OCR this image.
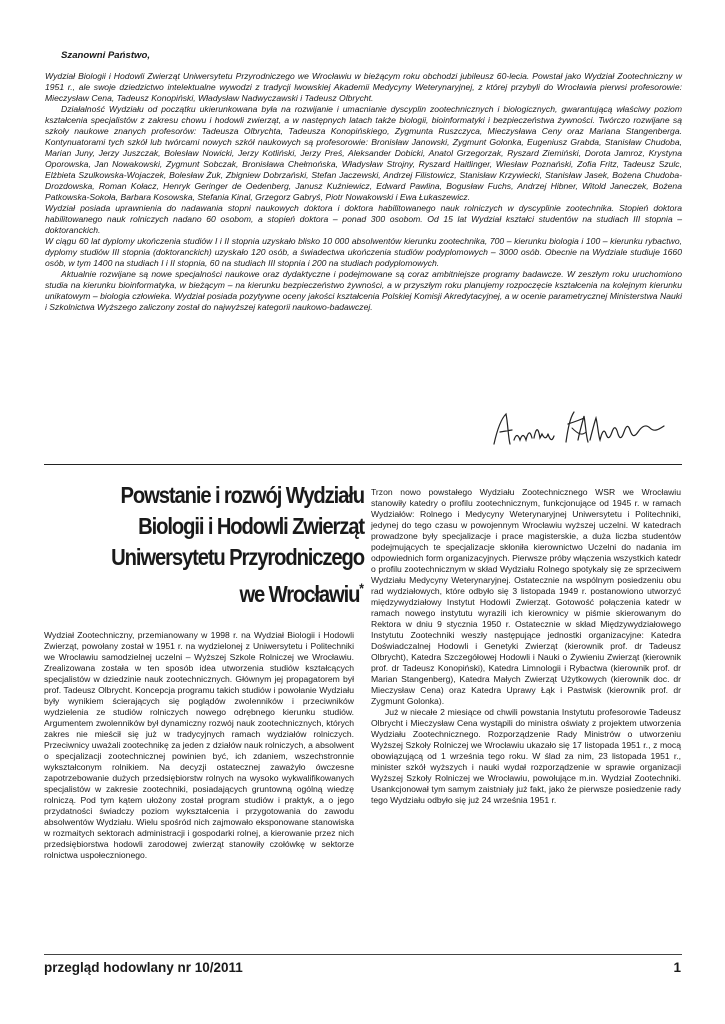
Szanowni Państwo,

Wydział Biologii i Hodowli Zwierząt Uniwersytetu Przyrodniczego we Wrocławiu w bieżącym roku obchodzi jubileusz 60-lecia. Powstał jako Wydział Zootechniczny w 1951 r., ale swoje dziedzictwo intelektualne wywodzi z tradycji lwowskiej Akademii Medycyny Weterynaryjnej, z której przybyli do Wrocławia pierwsi profesorowie: Mieczysław Cena, Tadeusz Konopiński, Władysław Nadwyczawski i Tadeusz Olbrycht.

Działalność Wydziału od początku ukierunkowana była na rozwijanie i umacnianie dyscyplin zootechnicznych i biologicznych, gwarantującą właściwy poziom kształcenia specjalistów z zakresu chowu i hodowli zwierząt, a w następnych latach także biologii, bioinformatyki i bezpieczeństwa żywności. Twórczo rozwijane są szkoły naukowe znanych profesorów: Tadeusza Olbrychta, Tadeusza Konopińskiego, Zygmunta Ruszczyca, Mieczysława Ceny oraz Mariana Stangenberga. Kontynuatorami tych szkół lub twórcami nowych szkół naukowych są profesorowie: Bronisław Janowski, Zygmunt Golonka, Eugeniusz Grabda, Stanisław Chudoba, Marian Juny, Jerzy Juszczak, Bolesław Nowicki, Jerzy Kotliński, Jerzy Preś, Aleksander Dobicki, Anatol Grzegorzak, Ryszard Ziemiński, Dorota Jamroz, Krystyna Oporowska, Jan Nowakowski, Zygmunt Sobczak, Bronisława Chełmońska, Władysław Strojny, Ryszard Haitlinger, Wiesław Poznański, Zofia Fritz, Tadeusz Szulc, Elżbieta Szulkowska-Wojaczek, Bolesław Żuk, Zbigniew Dobrzański, Stefan Jaczewski, Andrzej Filistowicz, Stanisław Krzywiecki, Stanisław Jasek, Bożena Chudoba-Drozdowska, Roman Kołacz, Henryk Geringer de Oedenberg, Janusz Kuźniewicz, Edward Pawlina, Bogusław Fuchs, Andrzej Hibner, Witold Janeczek, Bożena Patkowska-Sokoła, Barbara Kosowska, Stefania Kinal, Grzegorz Gabryś, Piotr Nowakowski i Ewa Łukaszewicz.

Wydział posiada uprawnienia do nadawania stopni naukowych doktora i doktora habilitowanego nauk rolniczych w dyscyplinie zootechnika. Stopień doktora habilitowanego nauk rolniczych nadano 60 osobom, a stopień doktora – ponad 300 osobom. Od 15 lat Wydział kształci studentów na studiach III stopnia – doktoranckich.

W ciągu 60 lat dyplomy ukończenia studiów I i II stopnia uzyskało blisko 10 000 absolwentów kierunku zootechnika, 700 – kierunku biologia i 100 – kierunku rybactwo, dyplomy studiów III stopnia (doktoranckich) uzyskało 120 osób, a świadectwa ukończenia studiów podyplomowych – 3000 osób. Obecnie na Wydziale studiuje 1660 osób, w tym 1400 na studiach I i II stopnia, 60 na studiach III stopnia i 200 na studiach podyplomowych.

Aktualnie rozwijane są nowe specjalności naukowe oraz dydaktyczne i podejmowane są coraz ambitniejsze programy badawcze. W zeszłym roku uruchomiono studia na kierunku bioinformatyka, w bieżącym – na kierunku bezpieczeństwo żywności, a w przyszłym roku planujemy rozpoczęcie kształcenia na kolejnym kierunku unikatowym – biologia człowieka. Wydział posiada pozytywne oceny jakości kształcenia Polskiej Komisji Akredytacyjnej, a w ocenie parametrycznej Ministerstwa Nauki i Szkolnictwa Wyższego zaliczony został do najwyższej kategorii naukowo-badawczej.

Powstanie i rozwój Wydziału
Biologii i Hodowli Zwierząt
Uniwersytetu Przyrodniczego
we Wrocławiu*

Wydział Zootechniczny, przemianowany w 1998 r. na Wydział Biologii i Hodowli Zwierząt, powołany został w 1951 r. na wydzielonej z Uniwersytetu i Politechniki we Wrocławiu samodzielnej uczelni – Wyższej Szkole Rolniczej we Wrocławiu. Zrealizowana została w ten sposób idea utworzenia studiów kształcących specjalistów w dziedzinie nauk zootechnicznych. Głównym jej propagatorem był prof. Tadeusz Olbrycht. Koncepcja programu takich studiów i powołanie Wydziału były wynikiem ścierających się poglądów zwolenników i przeciwników wydzielenia ze studiów rolniczych nowego odrębnego kierunku studiów. Argumentem zwolenników był dynamiczny rozwój nauk zootechnicznych, których zakres nie mieścił się już w tradycyjnych ramach wydziałów rolniczych. Przeciwnicy uważali zootechnikę za jeden z działów nauk rolniczych, a absolwent o specjalizacji zootechnicznej powinien być, ich zdaniem, wszechstronnie wykształconym rolnikiem. Na decyzji ostatecznej zaważyło ówczesne zapotrzebowanie dużych przedsiębiorstw rolnych na wysoko wykwalifikowanych specjalistów w zakresie zootechniki, posiadających gruntowną ogólną wiedzę rolniczą. Pod tym kątem ułożony został program studiów i praktyk, a o jego przydatności świadczy poziom wykształcenia i przygotowania do zawodu absolwentów Wydziału. Wielu spośród nich zajmowało eksponowane stanowiska w rozmaitych sektorach administracji i gospodarki rolnej, a kierowanie przez nich przedsiębiorstwa hodowli zarodowej zwierząt stanowiły czołówkę w sektorze rolnictwa uspołecznionego.

Trzon nowo powstałego Wydziału Zootechnicznego WSR we Wrocławiu stanowiły katedry o profilu zootechnicznym, funkcjonujące od 1945 r. w ramach Wydziałów: Rolnego i Medycyny Weterynaryjnej Uniwersytetu i Politechniki, jedynej do tego czasu w powojennym Wrocławiu wyższej uczelni. W katedrach prowadzone były specjalizacje i prace magisterskie, a duża liczba studentów podejmujących te specjalizacje skłoniła kierownictwo Uczelni do nadania im odpowiednich form organizacyjnych. Pierwsze próby włączenia wszystkich katedr o profilu zootechnicznym w skład Wydziału Rolnego spotykały się ze sprzeciwem Wydziału Medycyny Weterynaryjnej. Ostatecznie na wspólnym posiedzeniu obu rad wydziałowych, które odbyło się 3 listopada 1949 r. postanowiono utworzyć międzywydziałowy Instytut Hodowli Zwierząt. Gotowość połączenia katedr w ramach nowego instytutu wyrazili ich kierownicy w piśmie skierowanym do Rektora w dniu 9 stycznia 1950 r. Ostatecznie w skład Międzywydziałowego Instytutu Zootechniki weszły następujące jednostki organizacyjne: Katedra Doświadczalnej Hodowli i Genetyki Zwierząt (kierownik prof. dr Tadeusz Olbrycht), Katedra Szczegółowej Hodowli i Nauki o Żywieniu Zwierząt (kierownik prof. dr Tadeusz Konopiński), Katedra Limnologii i Rybactwa (kierownik prof. dr Marian Stangenberg), Katedra Małych Zwierząt Użytkowych (kierownik doc. dr Mieczysław Cena) oraz Katedra Uprawy Łąk i Pastwisk (kierownik prof. dr Zygmunt Golonka).

Już w niecałe 2 miesiące od chwili powstania Instytutu profesorowie Tadeusz Olbrycht i Mieczysław Cena wystąpili do ministra oświaty z projektem utworzenia Wydziału Zootechnicznego. Rozporządzenie Rady Ministrów o utworzeniu Wyższej Szkoły Rolniczej we Wrocławiu ukazało się 17 listopada 1951 r., z mocą obowiązującą od 1 września tego roku. W ślad za nim, 23 listopada 1951 r., minister szkół wyższych i nauki wydał rozporządzenie w sprawie organizacji Wyższej Szkoły Rolniczej we Wrocławiu, powołujące m.in. Wydział Zootechniki. Usankcjonował tym samym zaistniały już fakt, jako że pierwsze posiedzenie rady tego Wydziału odbyło się już 24 września 1951 r.

przegląd hodowlany nr 10/2011	1
